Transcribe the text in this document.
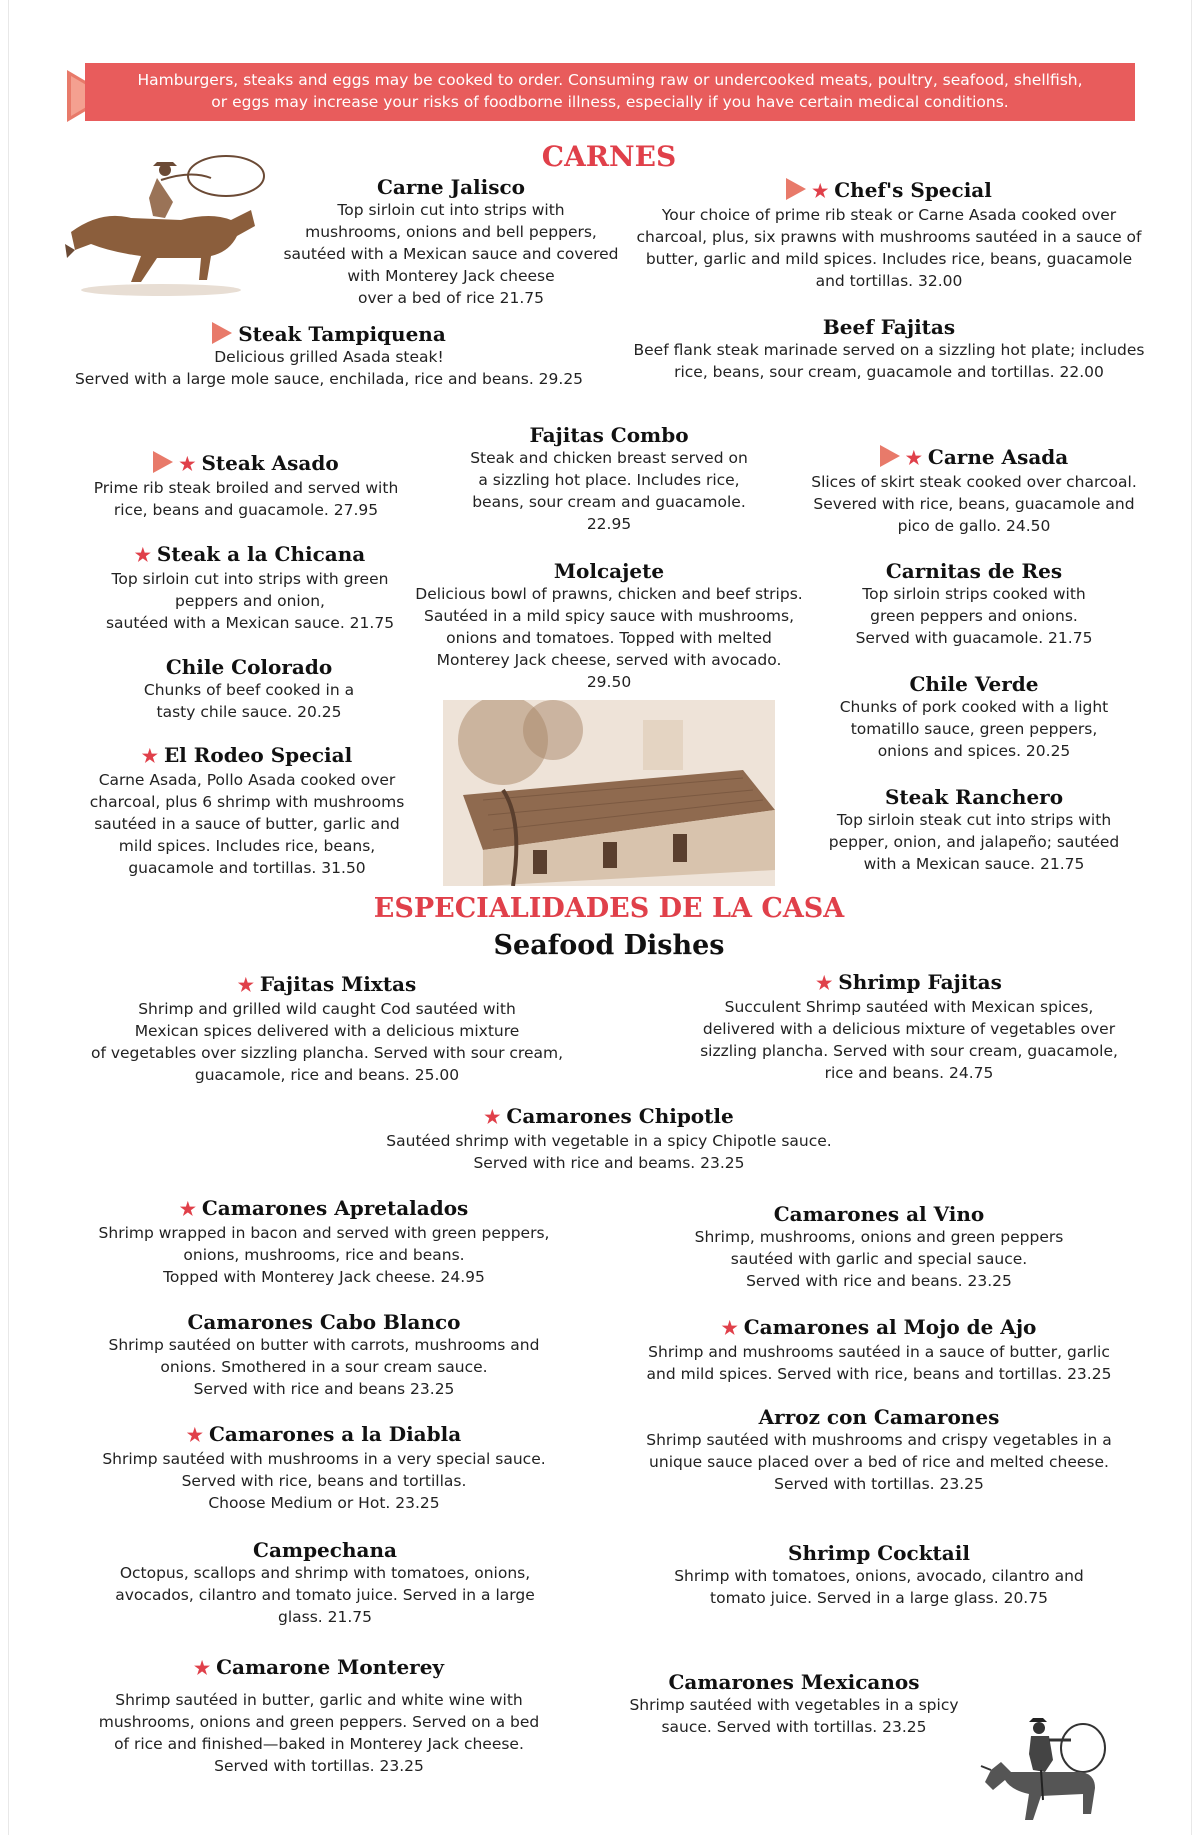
Hamburgers, steaks and eggs may be cooked to order. Consuming raw or undercooked meats, poultry, seafood, shellfish,
or eggs may increase your risks of foodborne illness, especially if you have certain medical conditions.
CARNES
Carne Jalisco

Top sirloin cut into strips with
mushrooms, onions and bell peppers,
sautéed with a Mexican sauce and covered
with Monterey Jack cheese
over a bed of rice 21.75

★ Chef's Special

Your choice of prime rib steak or Carne Asada cooked over
charcoal, plus, six prawns with mushrooms sautéed in a sauce of
butter, garlic and mild spices. Includes rice, beans, guacamole
and tortillas. 32.00

Steak Tampiquena

Delicious grilled Asada steak!
Served with a large mole sauce, enchilada, rice and beans. 29.25

Beef Fajitas

Beef flank steak marinade served on a sizzling hot plate; includes
rice, beans, sour cream, guacamole and tortillas. 22.00

Fajitas Combo

Steak and chicken breast served on
a sizzling hot place. Includes rice,
beans, sour cream and guacamole.
22.95

★ Steak Asado

Prime rib steak broiled and served with
rice, beans and guacamole. 27.95

★ Carne Asada

Slices of skirt steak cooked over charcoal.
Severed with rice, beans, guacamole and
pico de gallo. 24.50

★ Steak a la Chicana

Top sirloin cut into strips with green
peppers and onion,
sautéed with a Mexican sauce. 21.75

Molcajete

Delicious bowl of prawns, chicken and beef strips.
Sautéed in a mild spicy sauce with mushrooms,
onions and tomatoes. Topped with melted
Monterey Jack cheese, served with avocado.
29.50

Carnitas de Res

Top sirloin strips cooked with
green peppers and onions.
Served with guacamole. 21.75

Chile Colorado

Chunks of beef cooked in a
tasty chile sauce. 20.25

Chile Verde

Chunks of pork cooked with a light
tomatillo sauce, green peppers,
onions and spices. 20.25

★ El Rodeo Special

Carne Asada, Pollo Asada cooked over
charcoal, plus 6 shrimp with mushrooms
sautéed in a sauce of butter, garlic and
mild spices. Includes rice, beans,
guacamole and tortillas. 31.50

Steak Ranchero

Top sirloin steak cut into strips with
pepper, onion, and jalapeño; sautéed
with a Mexican sauce. 21.75

ESPECIALIDADES DE LA CASA
Seafood Dishes
★ Fajitas Mixtas

Shrimp and grilled wild caught Cod sautéed with
Mexican spices delivered with a delicious mixture
of vegetables over sizzling plancha. Served with sour cream,
guacamole, rice and beans. 25.00

★ Shrimp Fajitas

Succulent Shrimp sautéed with Mexican spices,
delivered with a delicious mixture of vegetables over
sizzling plancha. Served with sour cream, guacamole,
rice and beans. 24.75

★ Camarones Chipotle

Sautéed shrimp with vegetable in a spicy Chipotle sauce.
Served with rice and beams. 23.25

★ Camarones Apretalados

Shrimp wrapped in bacon and served with green peppers,
onions, mushrooms, rice and beans.
Topped with Monterey Jack cheese. 24.95

Camarones al Vino

Shrimp, mushrooms, onions and green peppers
sautéed with garlic and special sauce.
Served with rice and beans. 23.25

Camarones Cabo Blanco

Shrimp sautéed on butter with carrots, mushrooms and
onions. Smothered in a sour cream sauce.
Served with rice and beans 23.25

★ Camarones al Mojo de Ajo

Shrimp and mushrooms sautéed in a sauce of butter, garlic
and mild spices. Served with rice, beans and tortillas. 23.25

Arroz con Camarones

Shrimp sautéed with mushrooms and crispy vegetables in a
unique sauce placed over a bed of rice and melted cheese.
Served with tortillas. 23.25

★ Camarones a la Diabla

Shrimp sautéed with mushrooms in a very special sauce.
Served with rice, beans and tortillas.
Choose Medium or Hot. 23.25

Campechana

Octopus, scallops and shrimp with tomatoes, onions,
avocados, cilantro and tomato juice. Served in a large
glass. 21.75

Shrimp Cocktail

Shrimp with tomatoes, onions, avocado, cilantro and
tomato juice. Served in a large glass. 20.75

★ Camarone Monterey

Shrimp sautéed in butter, garlic and white wine with
mushrooms, onions and green peppers. Served on a bed
of rice and finished—baked in Monterey Jack cheese.
Served with tortillas. 23.25

Camarones Mexicanos

Shrimp sautéed with vegetables in a spicy
sauce. Served with tortillas. 23.25
